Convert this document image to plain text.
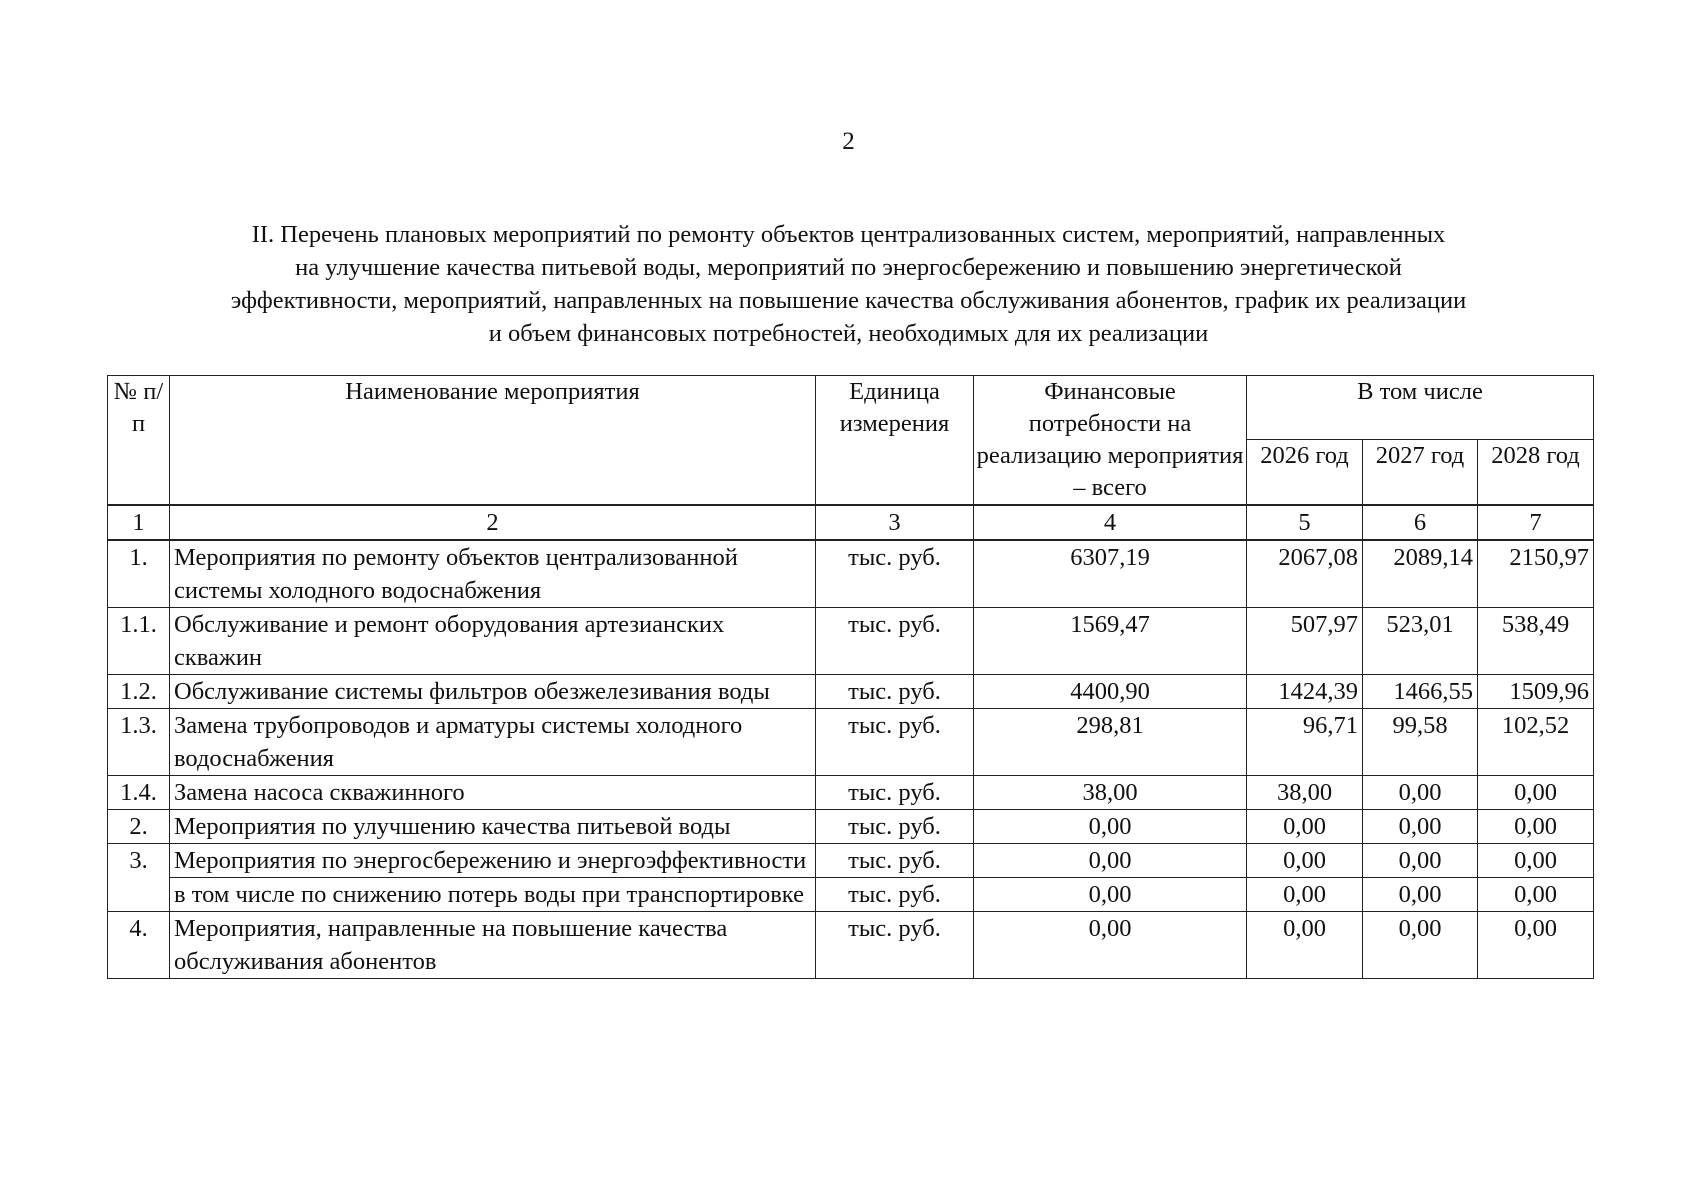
2
II. Перечень плановых мероприятий по ремонту объектов централизованных систем, мероприятий, направленных
на улучшение качества питьевой воды, мероприятий по энергосбережению и повышению энергетической
эффективности, мероприятий, направленных на повышение качества обслуживания абонентов, график их реализации
и объем финансовых потребностей, необходимых для их реализации
№ п/п	Наименование мероприятия	Единица измерения	Финансовые потребности на реализацию мероприятия – всего	В том числе		
				2026 год	2027 год	2028 год
1	2	3	4	5	6	7
1.	Мероприятия по ремонту объектов централизованной системы холодного водоснабжения	тыс. руб.	6307,19	2067,08	2089,14	2150,97
1.1.	Обслуживание и ремонт оборудования артезианских скважин	тыс. руб.	1569,47	507,97	523,01	538,49
1.2.	Обслуживание системы фильтров обезжелезивания воды	тыс. руб.	4400,90	1424,39	1466,55	1509,96
1.3.	Замена трубопроводов и арматуры системы холодного водоснабжения	тыс. руб.	298,81	96,71	99,58	102,52
1.4.	Замена насоса скважинного	тыс. руб.	38,00	38,00	0,00	0,00
2.	Мероприятия по улучшению качества питьевой воды	тыс. руб.	0,00	0,00	0,00	0,00
3.	Мероприятия по энергосбережению и энергоэффективности	тыс. руб.	0,00	0,00	0,00	0,00
	в том числе по снижению потерь воды при транспортировке	тыс. руб.	0,00	0,00	0,00	0,00
4.	Мероприятия, направленные на повышение качества обслуживания абонентов	тыс. руб.	0,00	0,00	0,00	0,00
